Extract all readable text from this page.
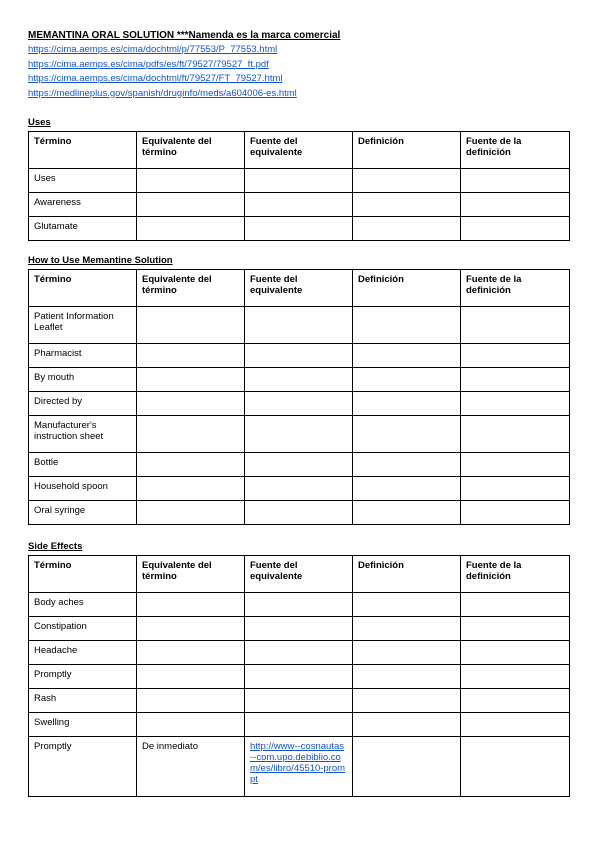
MEMANTINA ORAL SOLUTION ***Namenda es la marca comercial
https://cima.aemps.es/cima/dochtml/p/77553/P_77553.html
https://cima.aemps.es/cima/pdfs/es/ft/79527/79527_ft.pdf
https://cima.aemps.es/cima/dochtml/ft/79527/FT_79527.html
https://medlineplus.gov/spanish/druginfo/meds/a604006-es.html
Uses
Término	Equivalente del término	Fuente del equivalente	Definición	Fuente de la definición
Uses				
Awareness				
Glutamate				
How to Use Memantine Solution
Término	Equivalente del término	Fuente del equivalente	Definición	Fuente de la definición
Patient Information Leaflet				
Pharmacist				
By mouth				
Directed by				
Manufacturer's instruction sheet				
Bottle				
Household spoon				
Oral syringe				
Side Effects
Término	Equivalente del término	Fuente del equivalente	Definición	Fuente de la definición
Body aches				
Constipation				
Headache				
Promptly				
Rash				
Swelling				
Promptly	De inmediato	http://www--cosnautas--com.upo.debiblio.com/es/libro/45510-prompt		
